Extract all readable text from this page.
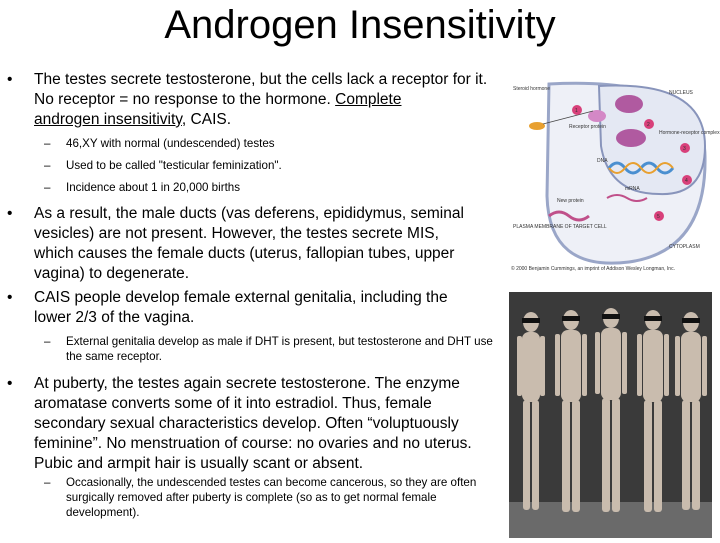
Androgen Insensitivity
• The testes secrete testosterone, but the cells lack a receptor for it.
No receptor = no response to the hormone. Complete
androgen insensitivity, CAIS.
– 46,XY with normal (undescended) testes
– Used to be called "testicular feminization".
– Incidence about 1 in 20,000 births
• As a result, the male ducts (vas deferens, epididymus, seminal vesicles) are not present. However, the testes secrete MIS, which causes the female ducts (uterus, fallopian tubes, upper vagina) to degenerate.
• CAIS people develop female external genitalia, including the lower 2/3 of the vagina.
– External genitalia develop as male if DHT is present, but testosterone and DHT use the same receptor.
• At puberty, the testes again secrete testosterone. The enzyme aromatase converts some of it into estradiol. Thus, female secondary sexual characteristics develop. Often “voluptuously feminine”. No menstruation of course: no ovaries and no uterus. Pubic and armpit hair is usually scant or absent.
– Occasionally, the undescended testes can become cancerous, so they are often surgically removed after puberty is complete (so as to get normal female development).
1
2
3
4
5
Steroid hormone
NUCLEUS
Receptor protein
Hormone-receptor complex
DNA
mRNA
New protein
PLASMA MEMBRANE OF TARGET CELL
CYTOPLASM
© 2000 Benjamin Cummings, an imprint of Addison Wesley Longman, Inc.
